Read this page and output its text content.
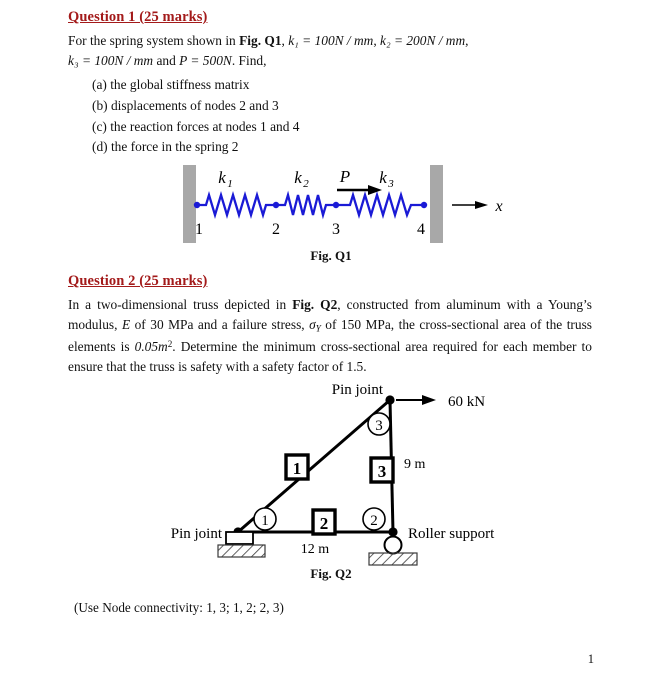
Question 1 (25 marks)

For the spring system shown in Fig. Q1, k₁ = 100N / mm, k₂ = 200N / mm,
k₃ = 100N / mm and P = 500N. Find,

(a) the global stiffness matrix
(b) displacements of nodes 2 and 3
(c) the reaction forces at nodes 1 and 4
(d) the force in the spring 2
k 1	k 2	k 3
P
x
1	2	3	4
Fig. Q1
Question 2 (25 marks)

In a two-dimensional truss depicted in Fig. Q2, constructed from aluminum with a Young’s modulus, E of 30 MPa and a failure stress, $\sigma_Y$ of 150 MPa, the cross-sectional area of the truss elements is $0.05m^2$. Determine the minimum cross-sectional area required for each member to ensure that the truss is safety with a safety factor of 1.5.

1	2
3
1
2
3
12 m
9 m
60 kN
Pin joint
Pin joint	Roller support
Fig. Q2
(Use Node connectivity: 1, 3; 1, 2; 2, 3)
1
